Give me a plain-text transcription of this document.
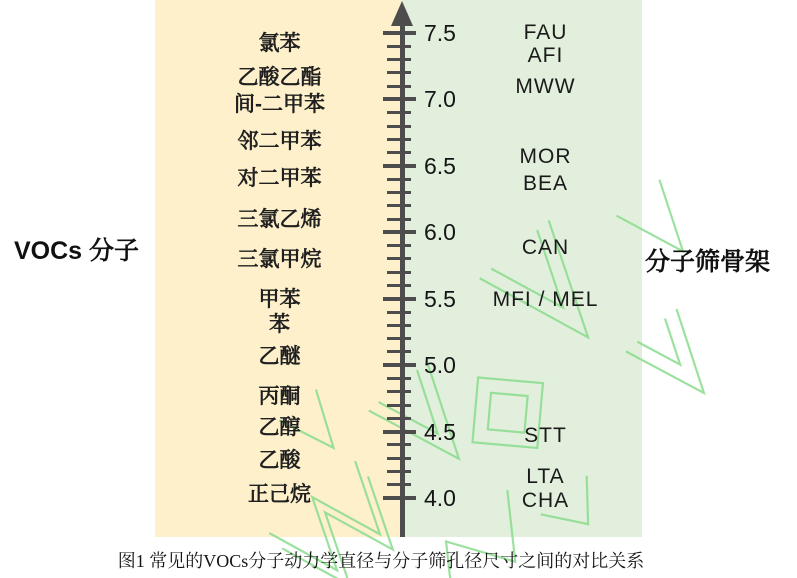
7.5
7.0
6.5
6.0
5.5
5.0
4.5
4.0
氯苯
乙酸乙酯
间-二甲苯
邻二甲苯
对二甲苯
三氯乙烯
三氯甲烷
甲苯
苯
乙醚
丙酮
乙醇
乙酸
正己烷
FAU
AFI
MWW
MOR
BEA
CAN
MFI / MEL
STT
LTA
CHA
VOCs 分子	分子筛骨架
图1 常见的VOCs分子动力学直径与分子筛孔径尺寸之间的对比关系
